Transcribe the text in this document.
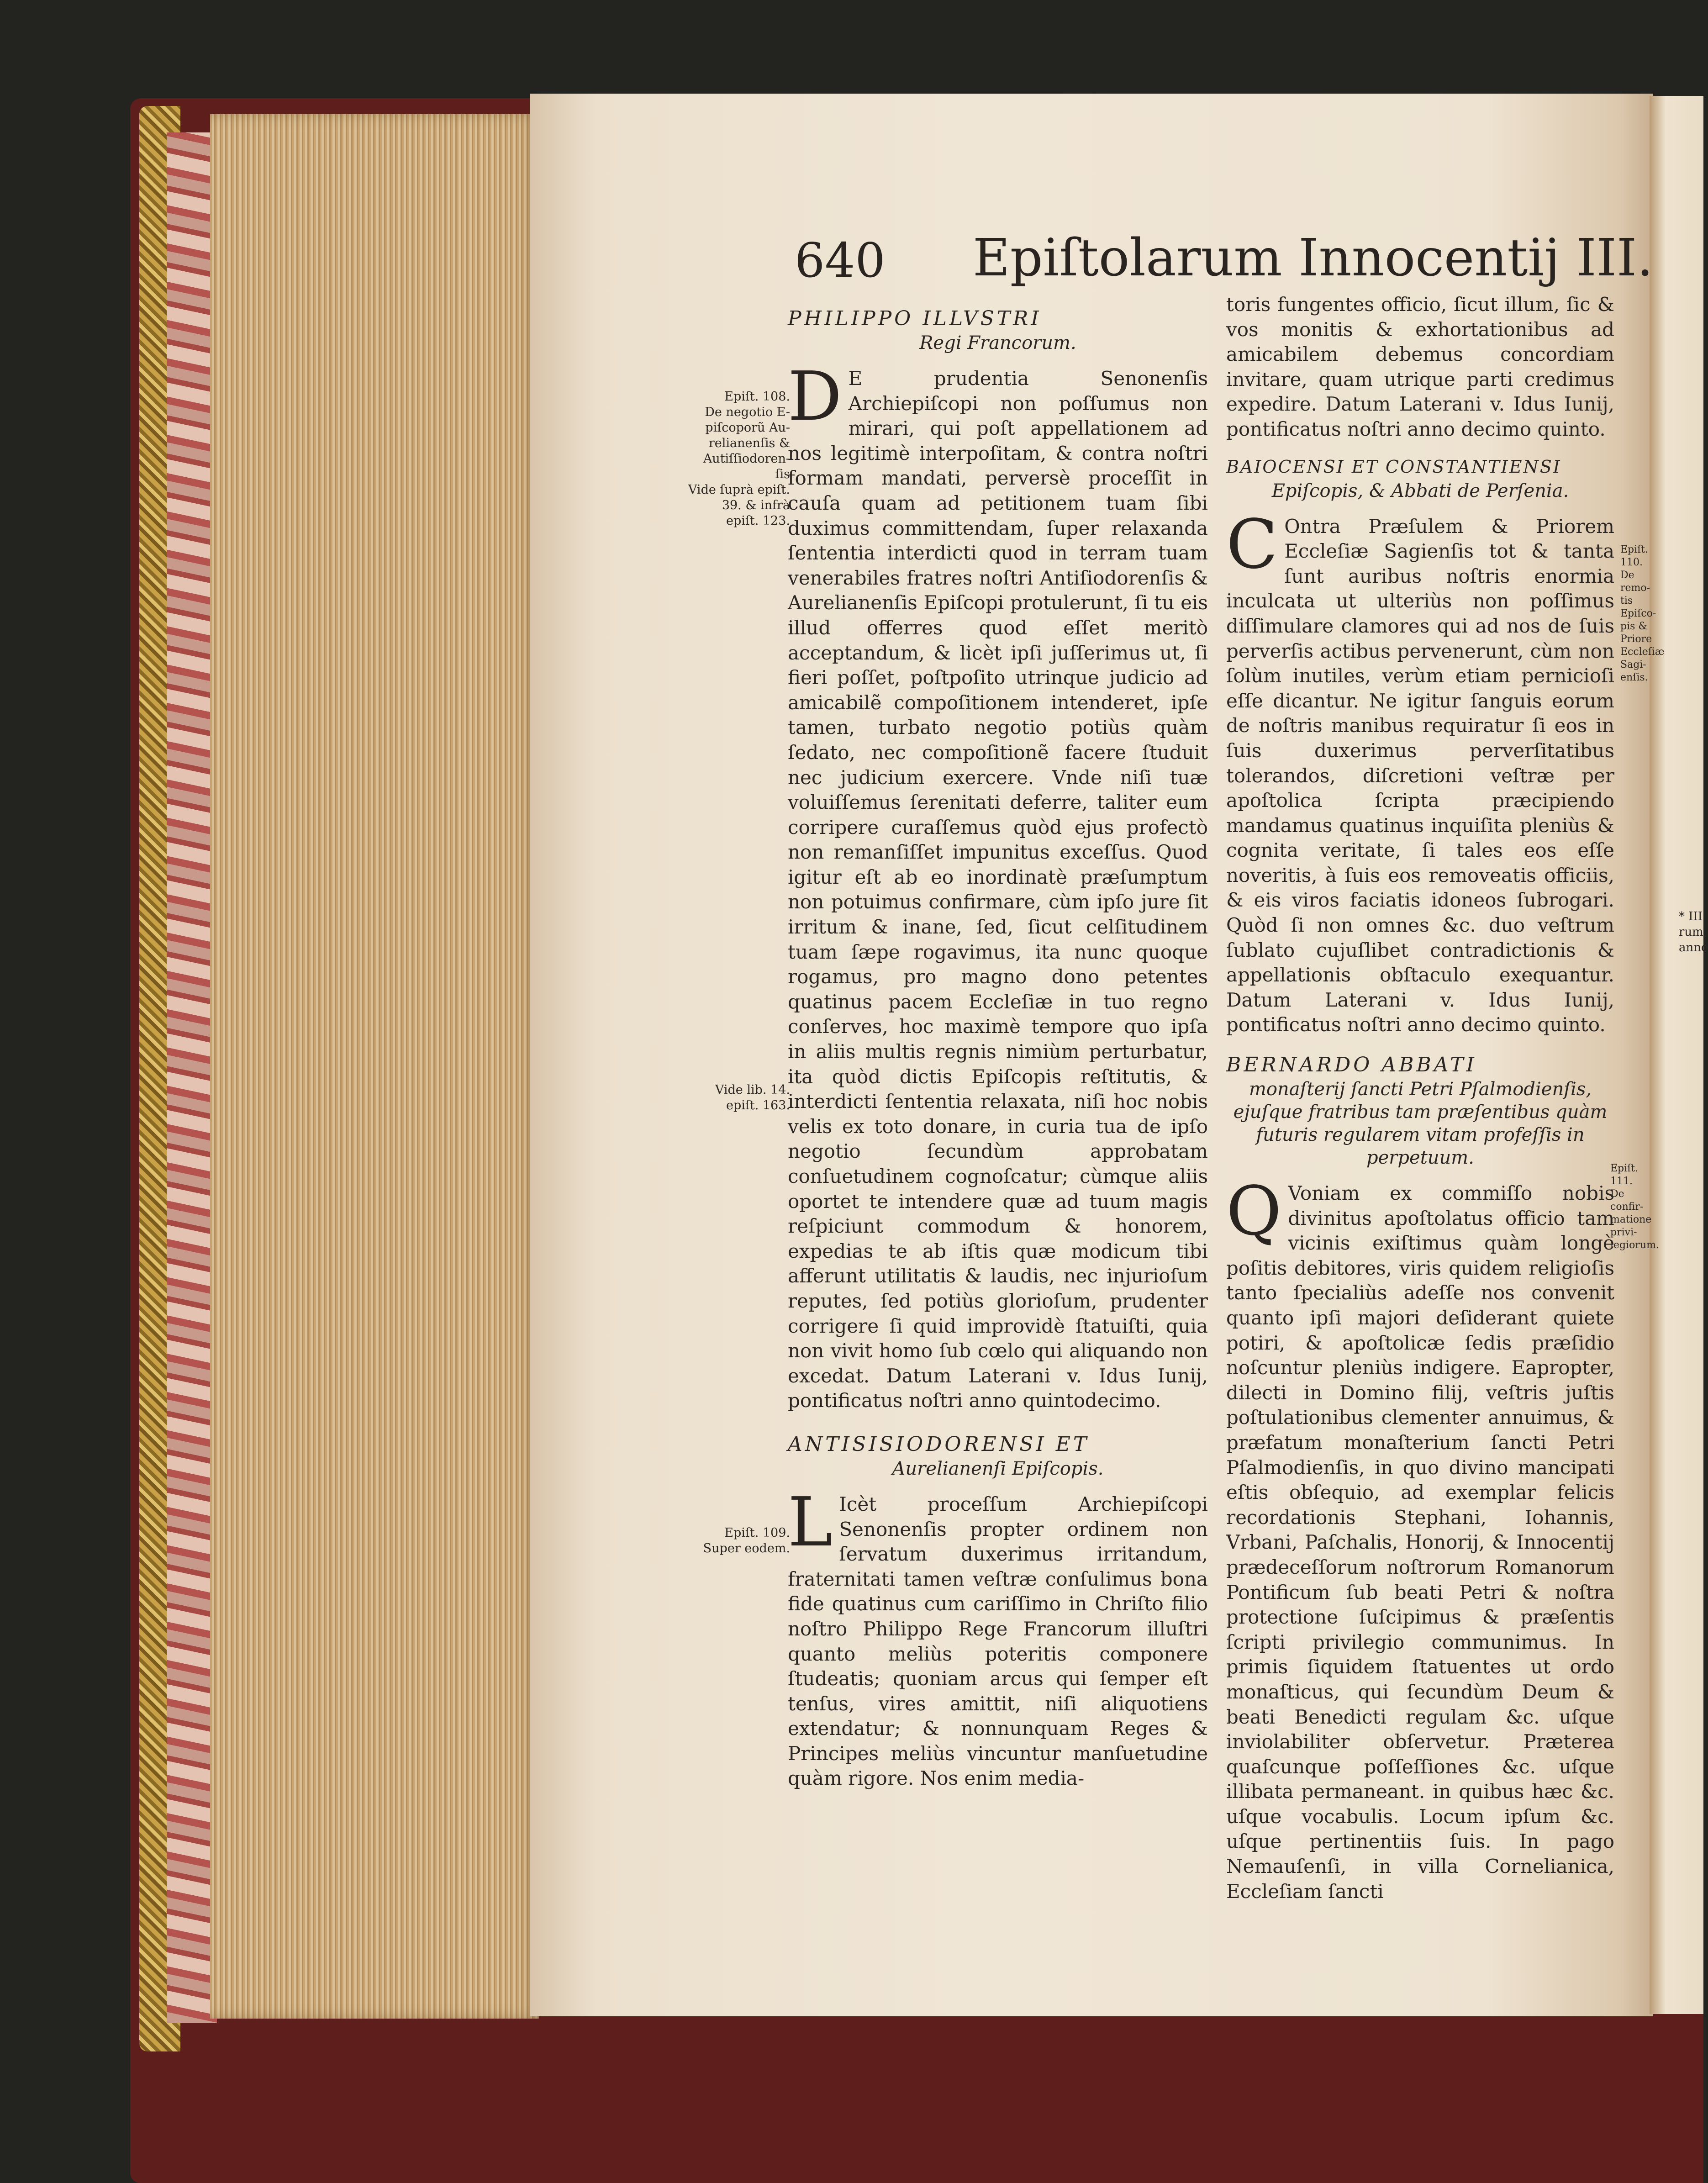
* III
rum
anne
640 Epiſtolarum Innocentij III.
Epiſt. 108.
De negotio E-
piſcoporũ Au-
relianenſis &
Autiſſiodoren-
ſis
Vide ſuprà epiſt.
39. & infrà
epiſt. 123.
Vide lib. 14.
epiſt. 163.
Epiſt. 109.
Super eodem.
Epiſt. 110.
De remo-
tis Epiſco-
pis & Priore
Eccleſiæ Sagi-
enſis.
Epiſt. 111.
De confir-
matione privi-
legiorum.
PHILIPPO ILLVSTRI
Regi Francorum.
D E prudentia Senonenſis Archiepiſcopi non poſſumus non mirari, qui poſt appellationem ad nos legitimè interpoſitam, & contra noſtri formam mandati, perversè proceſſit in cauſa quam ad petitionem tuam ſibi duximus committendam, ſuper relaxanda ſententia interdicti quod in terram tuam venerabiles fratres noſtri Antiſiodorenſis & Aurelianenſis Epiſcopi protulerunt, ſi tu eis illud offerres quod eſſet meritò acceptandum, & licèt ipſi juſſerimus ut, ſi fieri poſſet, poſtpoſito utrinque judicio ad amicabilẽ compoſitionem intenderet, ipſe tamen, turbato negotio potiùs quàm ſedato, nec compoſitionẽ facere ſtuduit nec judicium exercere. Vnde niſi tuæ voluiſſemus ſerenitati deferre, taliter eum corripere curaſſemus quòd ejus profectò non remanſiſſet impunitus exceſſus. Quod igitur eſt ab eo inordinatè præſumptum non potuimus confirmare, cùm ipſo jure ſit irritum & inane, ſed, ſicut celſitudinem tuam ſæpe rogavimus, ita nunc quoque rogamus, pro magno dono petentes quatinus pacem Eccleſiæ in tuo regno conſerves, hoc maximè tempore quo ipſa in aliis multis regnis nimiùm perturbatur, ita quòd dictis Epiſcopis reſtitutis, & interdicti ſententia relaxata, niſi hoc nobis velis ex toto donare, in curia tua de ipſo negotio ſecundùm approbatam conſuetudinem cognoſcatur; cùmque aliis oportet te intendere quæ ad tuum magis reſpiciunt commodum & honorem, expedias te ab iſtis quæ modicum tibi afferunt utilitatis & laudis, nec injurioſum reputes, ſed potiùs glorioſum, prudenter corrigere ſi quid improvidè ſtatuiſti, quia non vivit homo ſub cœlo qui aliquando non excedat. Datum Laterani v. Idus Iunij, pontificatus noſtri anno quintodecimo.
ANTISISIODORENSI ET
Aurelianenſi Epiſcopis.
L Icèt proceſſum Archiepiſcopi Senonenſis propter ordinem non ſervatum duxerimus irritandum, fraternitati tamen veſtræ conſulimus bona fide quatinus cum cariſſimo in Chriſto filio noſtro Philippo Rege Francorum illuſtri quanto meliùs poteritis componere ſtudeatis; quoniam arcus qui ſemper eſt tenſus, vires amittit, niſi aliquotiens extendatur; & nonnunquam Reges & Principes meliùs vincuntur manſuetudine quàm rigore. Nos enim media-
toris fungentes officio, ſicut illum, ſic & vos monitis & exhortationibus ad amicabilem debemus concordiam invitare, quam utrique parti credimus expedire. Datum Laterani v. Idus Iunij, pontificatus noſtri anno decimo quinto.
BAIOCENSI ET CONSTANTIENSI
Epiſcopis, & Abbati de Perſenia.
C Ontra Præſulem & Priorem Eccleſiæ Sagienſis tot & tanta ſunt auribus noſtris enormia inculcata ut ulteriùs non poſſimus diſſimulare clamores qui ad nos de ſuis perverſis actibus pervenerunt, cùm non ſolùm inutiles, verùm etiam pernicioſi eſſe dicantur. Ne igitur ſanguis eorum de noſtris manibus requiratur ſi eos in ſuis duxerimus perverſitatibus tolerandos, diſcretioni veſtræ per apoſtolica ſcripta præcipiendo mandamus quatinus inquiſita pleniùs & cognita veritate, ſi tales eos eſſe noveritis, à ſuis eos removeatis officiis, & eis viros faciatis idoneos ſubrogari. Quòd ſi non omnes &c. duo veſtrum ſublato cujuſlibet contradictionis & appellationis obſtaculo exequantur. Datum Laterani v. Idus Iunij, pontificatus noſtri anno decimo quinto.
BERNARDO ABBATI
monaſterij ſancti Petri Pſalmodienſis, ejuſque fratribus tam præſentibus quàm futuris regularem vitam profeſſis in perpetuum.
Q Voniam ex commiſſo nobis divinitus apoſtolatus officio tam vicinis exiſtimus quàm longè poſitis debitores, viris quidem religioſis tanto ſpecialiùs adeſſe nos convenit quanto ipſi majori deſiderant quiete potiri, & apoſtolicæ ſedis præſidio noſcuntur pleniùs indigere. Eapropter, dilecti in Domino filij, veſtris juſtis poſtulationibus clementer annuimus, & præfatum monaſterium ſancti Petri Pſalmodienſis, in quo divino mancipati eſtis obſequio, ad exemplar felicis recordationis Stephani, Iohannis, Vrbani, Paſchalis, Honorij, & Innocentij prædeceſſorum noſtrorum Romanorum Pontificum ſub beati Petri & noſtra protectione ſuſcipimus & præſentis ſcripti privilegio communimus. In primis ſiquidem ſtatuentes ut ordo monaſticus, qui ſecundùm Deum & beati Benedicti regulam &c. uſque inviolabiliter obſervetur. Præterea quaſcunque poſſeſſiones &c. uſque illibata permaneant. in quibus hæc &c. uſque vocabulis. Locum ipſum &c. uſque pertinentiis ſuis. In pago Nemauſenſi, in villa Cornelianica, Eccleſiam ſancti
